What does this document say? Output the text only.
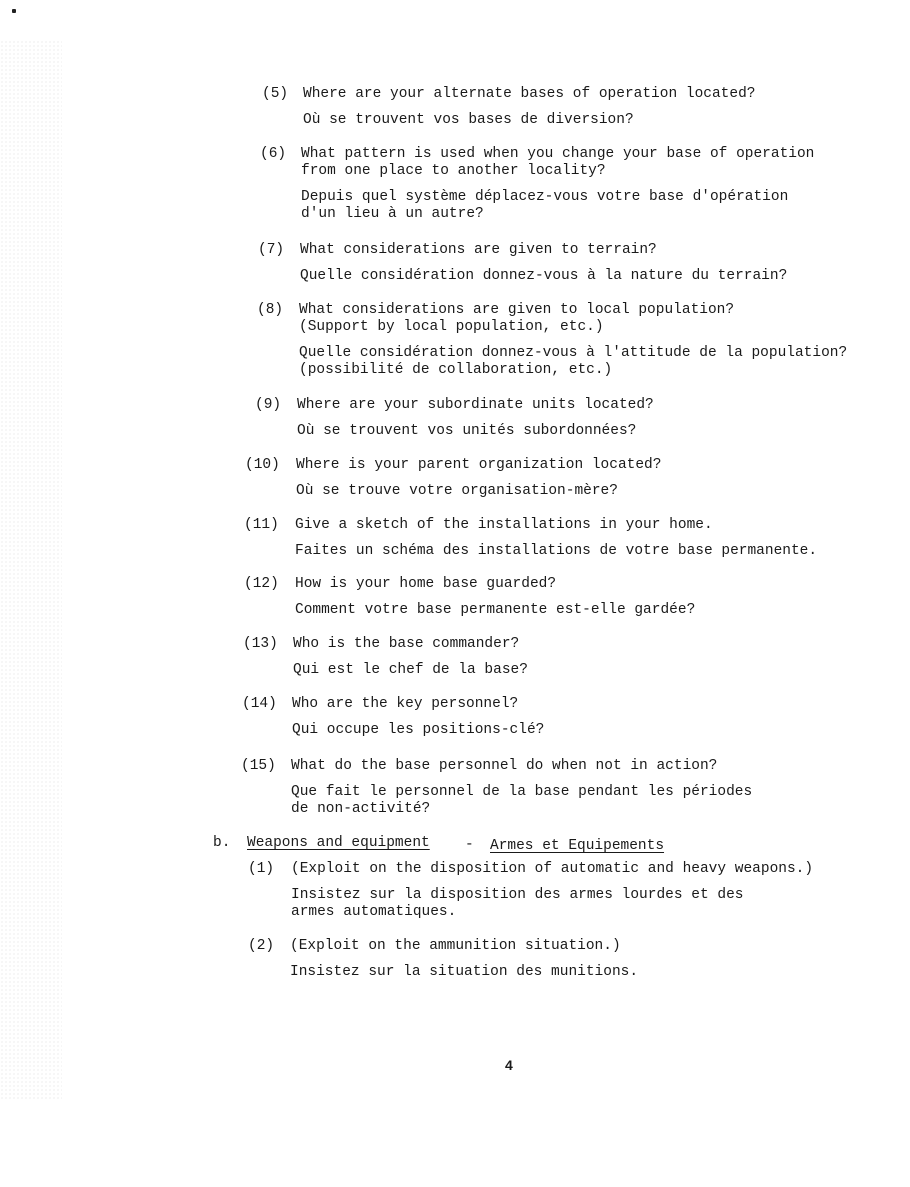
(5) Where are your alternate bases of operation located?
Où se trouvent vos bases de diversion?
(6) What pattern is used when you change your base of operation
from one place to another locality?
Depuis quel système déplacez-vous votre base d'opération
d'un lieu à un autre?
(7) What considerations are given to terrain?
Quelle considération donnez-vous à la nature du terrain?
(8) What considerations are given to local population?
(Support by local population, etc.)
Quelle considération donnez-vous à l'attitude de la population?
(possibilité de collaboration, etc.)
(9) Where are your subordinate units located?
Où se trouvent vos unités subordonnées?
(10) Where is your parent organization located?
Où se trouve votre organisation-mère?
(11) Give a sketch of the installations in your home.
Faites un schéma des installations de votre base permanente.
(12) How is your home base guarded?
Comment votre base permanente est-elle gardée?
(13) Who is the base commander?
Qui est le chef de la base?
(14) Who are the key personnel?
Qui occupe les positions-clé?
(15) What do the base personnel do when not in action?
Que fait le personnel de la base pendant les périodes
de non-activité?
b. Weapons and equipment - Armes et Equipements
(1) (Exploit on the disposition of automatic and heavy weapons.)
Insistez sur la disposition des armes lourdes et des
armes automatiques.
(2) (Exploit on the ammunition situation.)
Insistez sur la situation des munitions.
4
